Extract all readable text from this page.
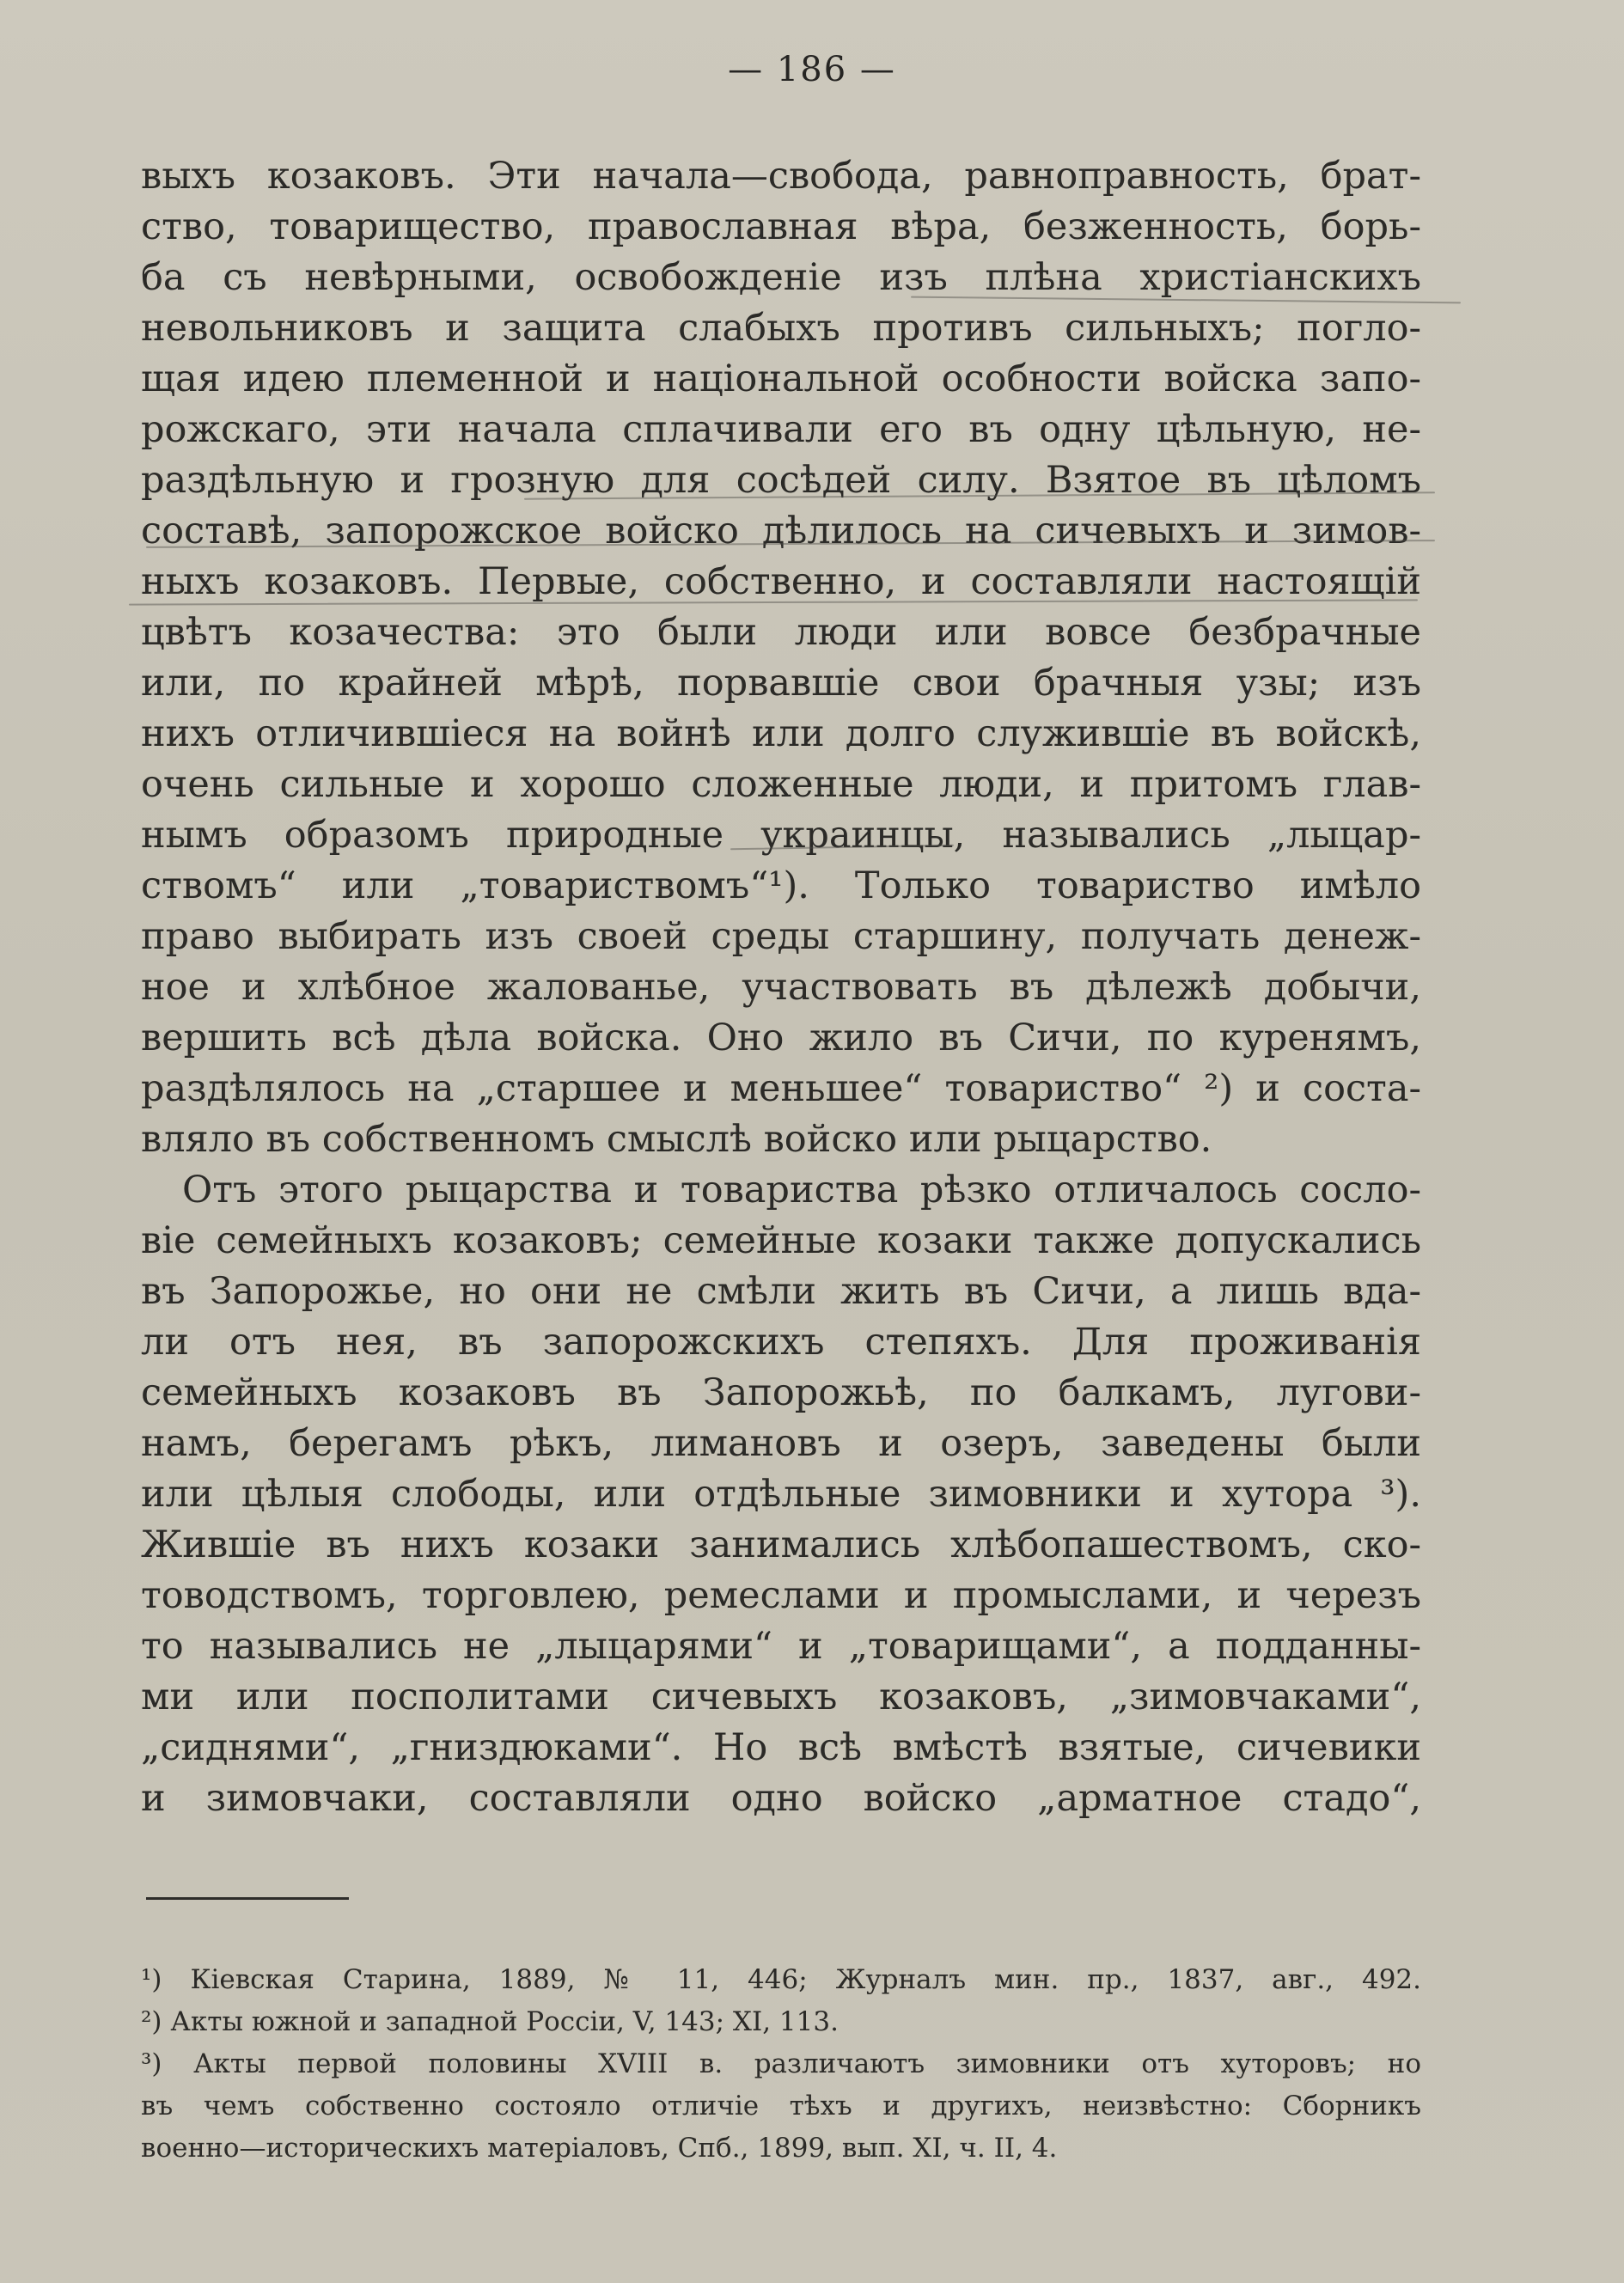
— 186 —
выхъ козаковъ. Эти начала—свобода, равноправность, брат-
ство, товарищество, православная вѣра, безженность, борь-
ба съ невѣрными, освобожденіе изъ плѣна христіанскихъ
невольниковъ и защита слабыхъ противъ сильныхъ; погло-
щая идею племенной и національной особности войска запо-
рожскаго, эти начала сплачивали его въ одну цѣльную, не-
раздѣльную и грозную для сосѣдей силу. Взятое въ цѣломъ
составѣ, запорожское войско дѣлилось на сичевыхъ и зимов-
ныхъ козаковъ. Первые, собственно, и составляли настоящій
цвѣтъ козачества: это были люди или вовсе безбрачные
или, по крайней мѣрѣ, порвавшіе свои брачныя узы; изъ
нихъ отличившіеся на войнѣ или долго служившіе въ войскѣ,
очень сильные и хорошо сложенные люди, и притомъ глав-
нымъ образомъ природные украинцы, назывались „лыцар-
ствомъ“ или „товариствомъ“¹). Только товариство имѣло
право выбирать изъ своей среды старшину, получать денеж-
ное и хлѣбное жалованье, участвовать въ дѣлежѣ добычи,
вершить всѣ дѣла войска. Оно жило въ Сичи, по куренямъ,
раздѣлялось на „старшее и меньшее“ товариство“ ²) и соста-
вляло въ собственномъ смыслѣ войско или рыцарство.
Отъ этого рыцарства и товариства рѣзко отличалось сосло-
віе семейныхъ козаковъ; семейные козаки также допускались
въ Запорожье, но они не смѣли жить въ Сичи, а лишь вда-
ли отъ нея, въ запорожскихъ степяхъ. Для проживанія
семейныхъ козаковъ въ Запорожьѣ, по балкамъ, лугови-
намъ, берегамъ рѣкъ, лимановъ и озеръ, заведены были
или цѣлыя слободы, или отдѣльные зимовники и хутора ³).
Жившіе въ нихъ козаки занимались хлѣбопашествомъ, ско-
товодствомъ, торговлею, ремеслами и промыслами, и черезъ
то назывались не „лыцарями“ и „товарищами“, а подданны-
ми или посполитами сичевыхъ козаковъ, „зимовчаками“,
„сиднями“, „гниздюками“. Но всѣ вмѣстѣ взятые, сичевики
и зимовчаки, составляли одно войско „арматное стадо“,
¹) Кіевская Старина, 1889, № 11, 446; Журналъ мин. пр., 1837, авг., 492.
²) Акты южной и западной Россіи, V, 143; XI, 113.
³) Акты первой половины XVIII в. различаютъ зимовники отъ хуторовъ; но
въ чемъ собственно состояло отличіе тѣхъ и другихъ, неизвѣстно: Сборникъ
военно—историческихъ матеріаловъ, Спб., 1899, вып. XI, ч. II, 4.
